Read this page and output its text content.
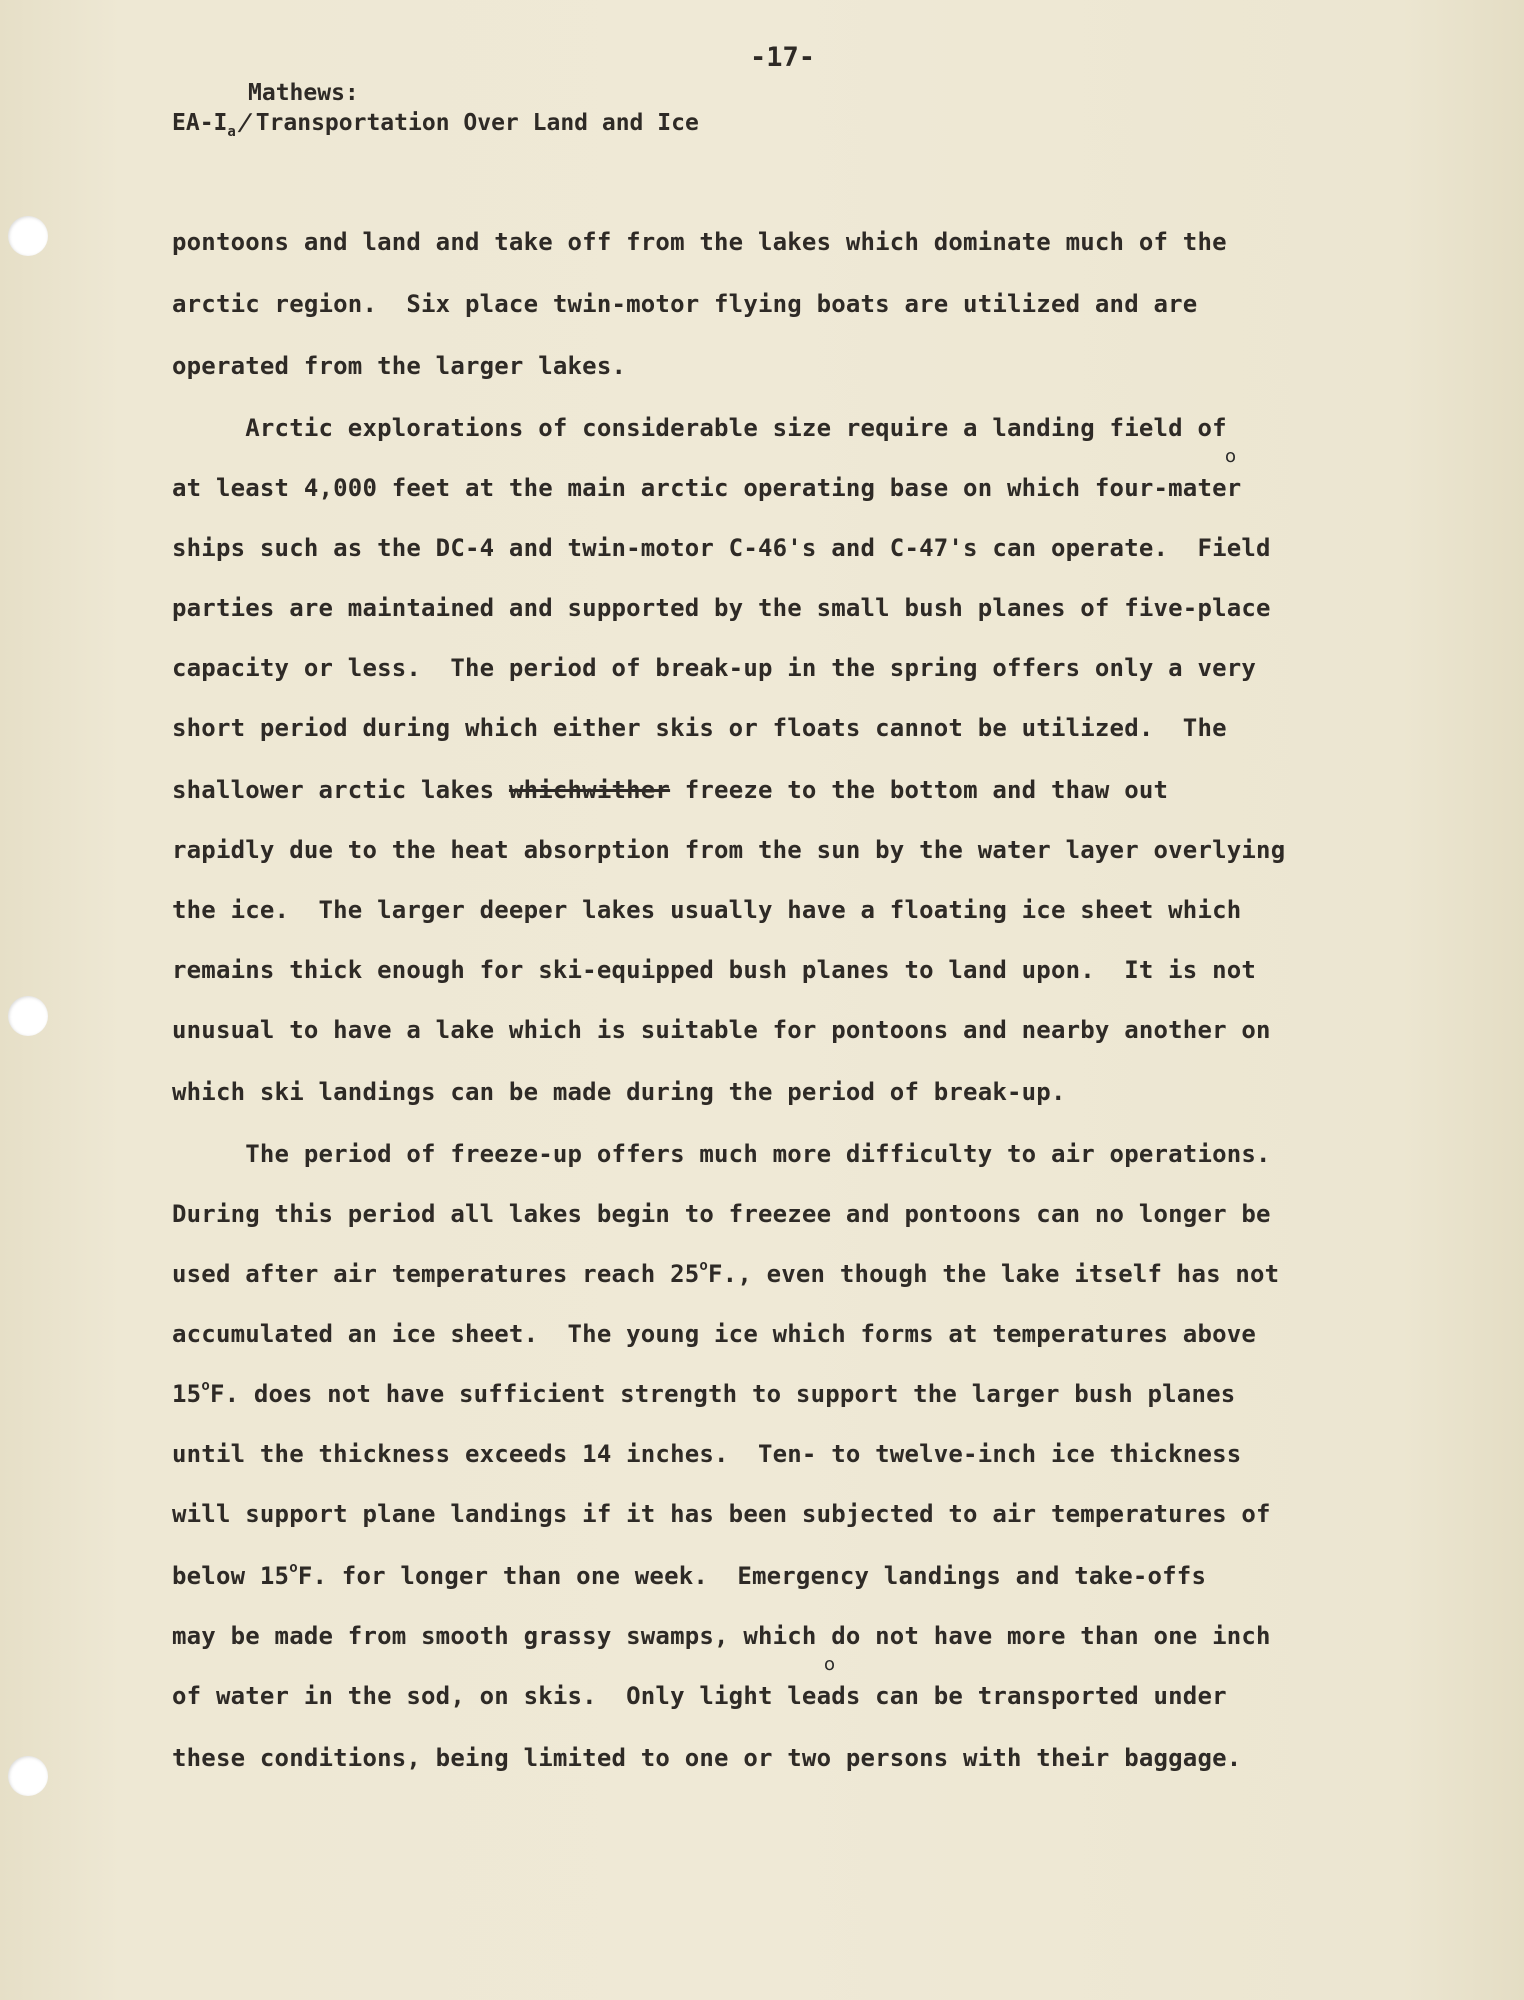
-17-
Mathews:
$EA-I_a$/Transportation Over Land and Ice
pontoons and land and take off from the lakes which dominate much of the
arctic region.  Six place twin-motor flying boats are utilized and are
operated from the larger lakes.
Arctic explorations of considerable size require a landing field of
at least 4,000 feet at the main arctic operating base on which four-mater
o
ships such as the DC-4 and twin-motor C-46's and C-47's can operate.  Field
parties are maintained and supported by the small bush planes of five-place
capacity or less.  The period of break-up in the spring offers only a very
short period during which either skis or floats cannot be utilized.  The
shallower arctic lakes whichwither freeze to the bottom and thaw out
rapidly due to the heat absorption from the sun by the water layer overlying
the ice.  The larger deeper lakes usually have a floating ice sheet which
remains thick enough for ski-equipped bush planes to land upon.  It is not
unusual to have a lake which is suitable for pontoons and nearby another on
which ski landings can be made during the period of break-up.
The period of freeze-up offers much more difficulty to air operations.
During this period all lakes begin to freezee and pontoons can no longer be
used after air temperatures reach 25$^o$F., even though the lake itself has not
accumulated an ice sheet.  The young ice which forms at temperatures above
15$^o$F. does not have sufficient strength to support the larger bush planes
until the thickness exceeds 14 inches.  Ten- to twelve-inch ice thickness
will support plane landings if it has been subjected to air temperatures of
below 15$^o$F. for longer than one week.  Emergency landings and take-offs
may be made from smooth grassy swamps, which do not have more than one inch
of water in the sod, on skis.  Only light leads can be transported under
o
these conditions, being limited to one or two persons with their baggage.
